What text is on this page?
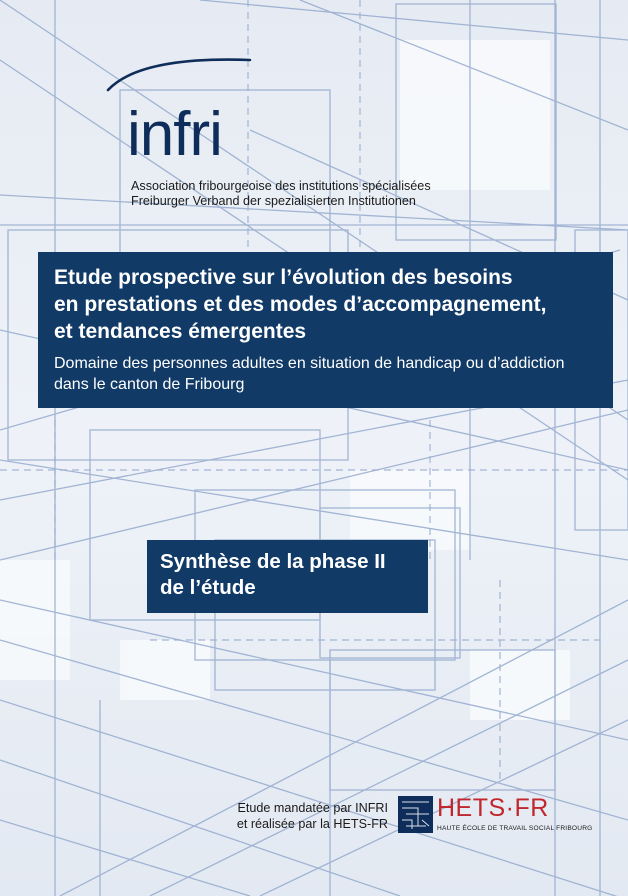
infri
Association fribourgeoise des institutions spécialisées
Freiburger Verband der spezialisierten Institutionen
Etude prospective sur l’évolution des besoins
en prestations et des modes d’accompagnement,
et tendances émergentes
Domaine des personnes adultes en situation de handicap ou d’addiction
dans le canton de Fribourg
Synthèse de la phase II
de l’étude
Etude mandatée par INFRI
et réalisée par la HETS-FR
HETS·FR
HAUTE ÉCOLE DE TRAVAIL SOCIAL FRIBOURG
